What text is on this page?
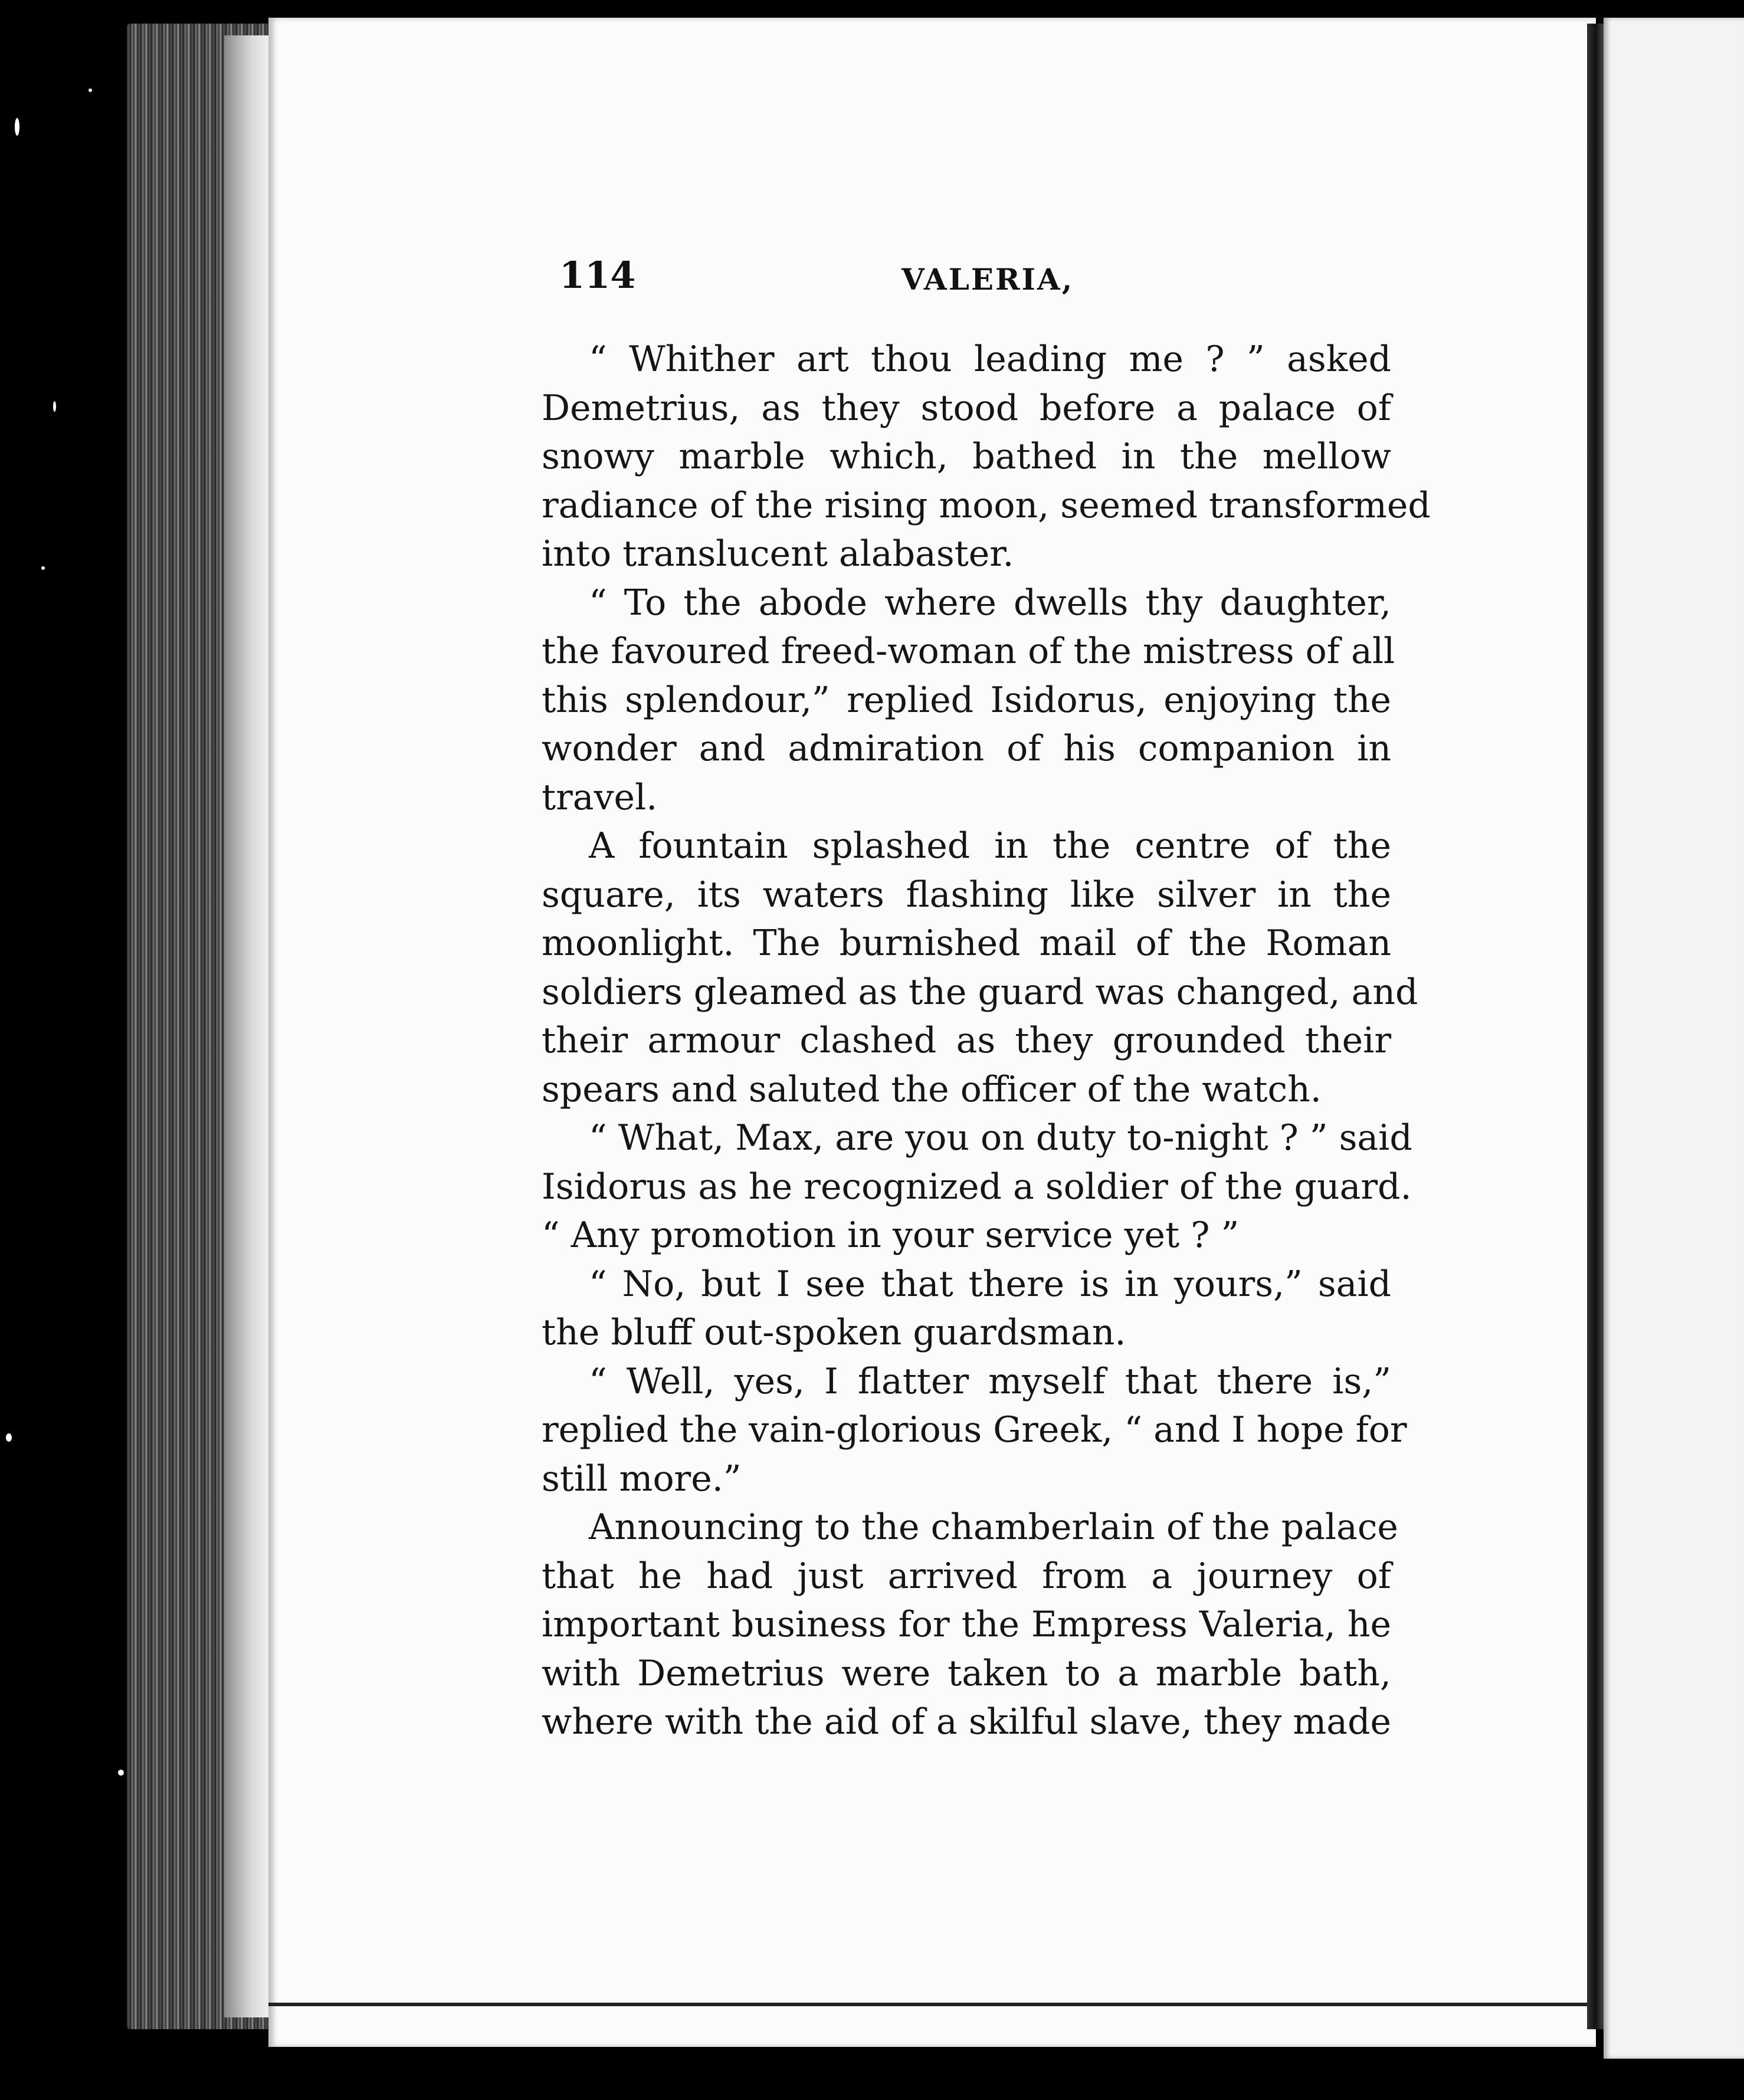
114	VALERIA,
“ Whither art thou leading me ? ” asked
Demetrius, as they stood before a palace of
snowy marble which, bathed in the mellow
radiance of the rising moon, seemed transformed
into translucent alabaster.
“ To the abode where dwells thy daughter,
the favoured freed-woman of the mistress of all
this splendour,” replied Isidorus, enjoying the
wonder and admiration of his companion in
travel.
A fountain splashed in the centre of the
square, its waters flashing like silver in the
moonlight. The burnished mail of the Roman
soldiers gleamed as the guard was changed, and
their armour clashed as they grounded their
spears and saluted the officer of the watch.
“ What, Max, are you on duty to-night ? ” said
Isidorus as he recognized a soldier of the guard.
“ Any promotion in your service yet ? ”
“ No, but I see that there is in yours,” said
the bluff out-spoken guardsman.
“ Well, yes, I flatter myself that there is,”
replied the vain-glorious Greek, “ and I hope for
still more.”
Announcing to the chamberlain of the palace
that he had just arrived from a journey of
important business for the Empress Valeria, he
with Demetrius were taken to a marble bath,
where with the aid of a skilful slave, they made
